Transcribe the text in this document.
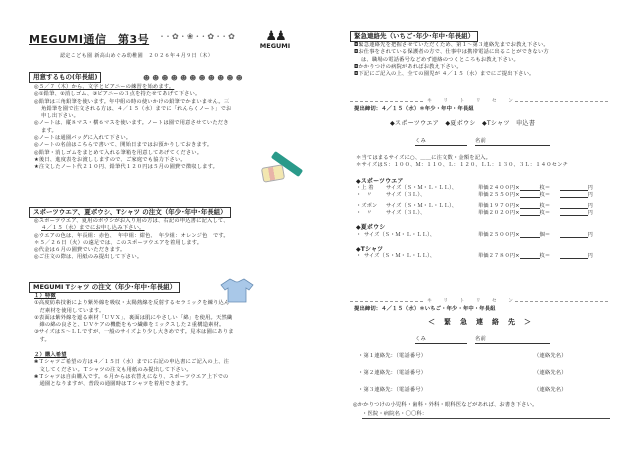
MEGUMI通信　第3号 ･･✿･❀･･✿･･✿	♟♟
MEGUMI
認定こども園 新高山めぐみ幼稚園　２０２６年４月９日（木）
用意するもの(年長組)	☻☻☻☻☻☻☻☻☻☻☻
◎５／７（木）から、文字とピアニーの練習を始めます。
◎①鉛筆、②消しゴム、③ピアニーの３点を持たせてあげて下さい。
◎鉛筆は三角鉛筆を使います。年中組の時の使いかけの鉛筆でかまいません。三
角鉛筆を園で注文される方は、４／１５（水）までに「れんらくノート」でお
申し出下さい。
◎ノートは、縦８マス・横６マスを使います。ノートは園で用意させていただき
ます。
◎ノートは通園バッグに入れて下さい。
◎ノートの名前はこちらで書いて、開始日まではお預かりしておきます。
◎鉛筆・消しゴムをまとめて入れる筆箱を用意してあげてください。
★後日、進度表をお渡ししますので、ご家庭でも協力下さい。
★注文したノート代２１０円、鉛筆代１２０円は５月の園費で徴収します。
スポーツウエア、夏ボウシ、Tシャツ の注文（年少･年中･年長組）
◎スポーツウエア、夏用のボウシがお入り用の方は、右記の申込書に記入して、
４／１５（水）までにお申し込み下さい。
◎ウエアの色は、年長組：赤色、　年中組：紺色、　年少組：オレンジ色　です。
＊５／２６日（火）の遠足では、このスポーツウエアを着用します。
◎代金は６月の園費でいただきます。
◎ご注文の際は、用紙のみ提出して下さい。
MEGUMI Tシャツ の注文（年少･年中･年長組）
１）特徴
①高度紡糸技術により紫外線を吸収・太陽熱線を反射するセラミックを練り込ん
　だ素材を使用しています。
②表面は紫外線を遮る素材「ＵＶＸ」、裏面は肌にやさしい「綿」を使用。天然繊
　維の綿の良さと、ＵＶケアの機能をもつ繊維をミックスした２重構造素材。
③サイズはＳ～ＬＬですが、一般のサイズより少し大きめです。見本は園にありま
　す。
２）購入希望
❀Ｔシャツご希望の方は４／１５日（水）までに右記の申込書にご記入の上、注
　文してください。Ｔシャツの注文も用紙のみ提出して下さい。
❀Ｔシャツは自由購入です。６月からは衣替えになり、スポーツウエア上下での
　通園となりますが、普段の通園時はＴシャツを着用できます。
緊急連絡先（いちご･年少･年中･年長組）
◘緊急連絡先を把握させていただくため、第１～第３連絡先までお教え下さい。
◘お仕事をされている保護者の方で、仕事中は携帯電話に出ることができない方
は、職場の電話番号などめず連絡のつくところもお教え下さい。
◘かかりつけの病院があればお教え下さい。
◘下記にご記入の上、全ての園児が ４／１５（水）までにご提出下さい。
キ　　リ　　ト　　リ　　セ　　ン
提出締切：４／１５（水）＊年少・年中・年長組
◆スポーツウエア　◆夏ボウシ　◆Tシャツ　申込書
くみ	名前
＊当てはまるサイズに○、＿＿に注文数・金額を記入。
＊サイズはＳ：１００、Ｍ：１１０、Ｌ：１２０、ＬＬ：１３０、３Ｌ：１４０センチ
◆スポーツウエア
・上 着	サイズ（Ｓ・Ｍ・Ｌ・ＬＬ）、	単価２４００円×	枚＝	円
・　〃	サイズ（３Ｌ）、	単価２５５０円×	枚＝	円
・ズボン	サイズ（Ｓ・Ｍ・Ｌ・ＬＬ）、	単価１９７０円×	枚＝	円
・　〃	サイズ（３Ｌ）、	単価２０２０円×	枚＝	円
◆夏ボウシ
・ サイズ（Ｓ・Ｍ・Ｌ・ＬＬ）、	単価２５００円×	個＝	円
◆Tシャツ
・ サイズ（Ｓ・Ｍ・Ｌ・ＬＬ）、	単価２７８０円×	枚＝	円
キ　　リ　　ト　　リ　　セ　　ン
提出締切：４／１５（水）＊いちご・年少・年中・年長組
＜　緊　急　連　絡　先　＞
くみ	名前
・第１連絡先：（電話番号）	（連絡先名）
・第２連絡先：（電話番号）	（連絡先名）
・第３連絡先：（電話番号）	（連絡先名）
◎かかりつけの小児科・歯科・外科・眼科医などがあれば、お書き下さい。
・医院・病院名・〇〇科：
